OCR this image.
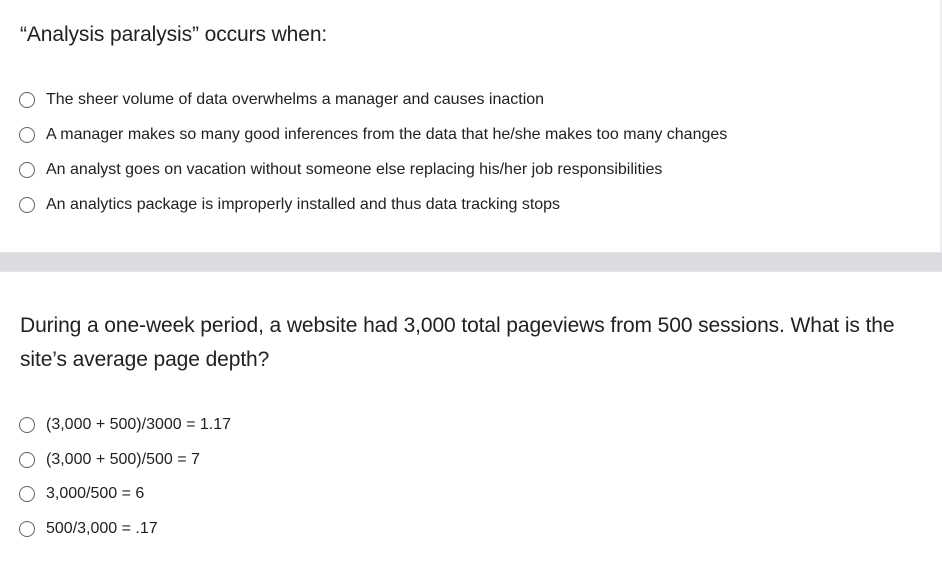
“Analysis paralysis” occurs when:
The sheer volume of data overwhelms a manager and causes inaction
A manager makes so many good inferences from the data that he/she makes too many changes
An analyst goes on vacation without someone else replacing his/her job responsibilities
An analytics package is improperly installed and thus data tracking stops
During a one-week period, a website had 3,000 total pageviews from 500 sessions. What is the site’s average page depth?
(3,000 + 500)/3000 = 1.17
(3,000 + 500)/500 = 7
3,000/500 = 6
500/3,000 = .17
